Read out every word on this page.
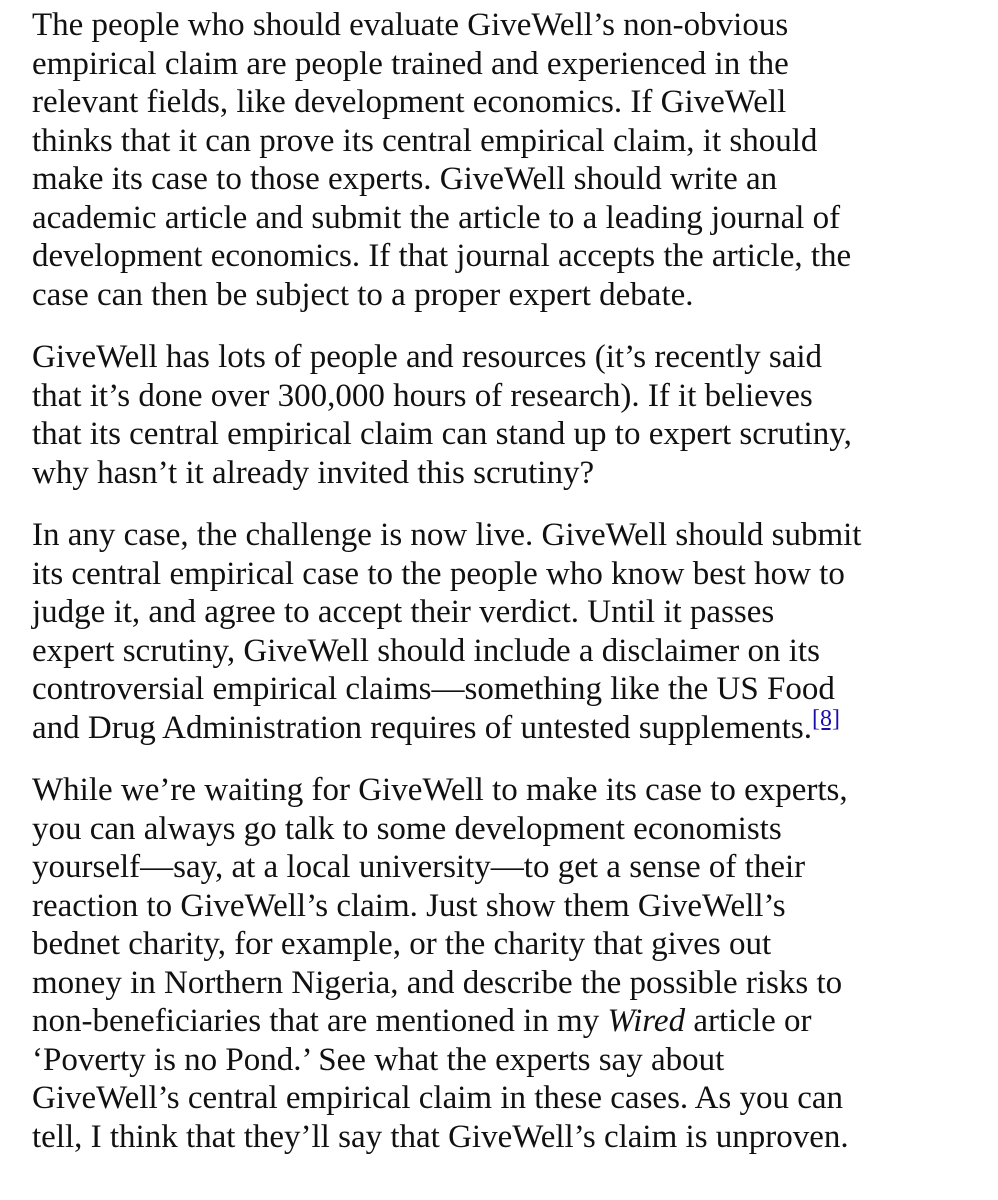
The people who should evaluate GiveWell’s non-obvious
empirical claim are people trained and experienced in the
relevant fields, like development economics. If GiveWell
thinks that it can prove its central empirical claim, it should
make its case to those experts. GiveWell should write an
academic article and submit the article to a leading journal of
development economics. If that journal accepts the article, the
case can then be subject to a proper expert debate.

GiveWell has lots of people and resources (it’s recently said
that it’s done over 300,000 hours of research). If it believes
that its central empirical claim can stand up to expert scrutiny,
why hasn’t it already invited this scrutiny?

In any case, the challenge is now live. GiveWell should submit
its central empirical case to the people who know best how to
judge it, and agree to accept their verdict. Until it passes
expert scrutiny, GiveWell should include a disclaimer on its
controversial empirical claims—something like the US Food
and Drug Administration requires of untested supplements.[8]

While we’re waiting for GiveWell to make its case to experts,
you can always go talk to some development economists
yourself—say, at a local university—to get a sense of their
reaction to GiveWell’s claim. Just show them GiveWell’s
bednet charity, for example, or the charity that gives out
money in Northern Nigeria, and describe the possible risks to
non-beneficiaries that are mentioned in my Wired article or
‘Poverty is no Pond.’ See what the experts say about
GiveWell’s central empirical claim in these cases. As you can
tell, I think that they’ll say that GiveWell’s claim is unproven.
